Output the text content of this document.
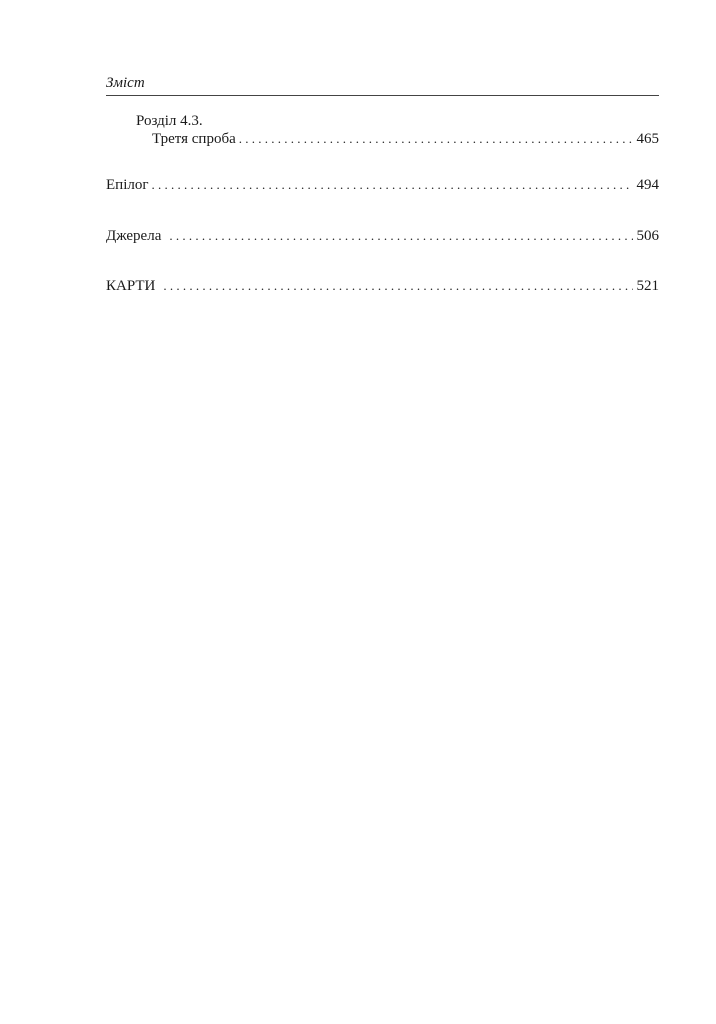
Зміст
Розділ 4.3.
Третя спроба . . .	465
Епілог . . .	494
Джерела . . .	506
КАРТИ . . .	521
